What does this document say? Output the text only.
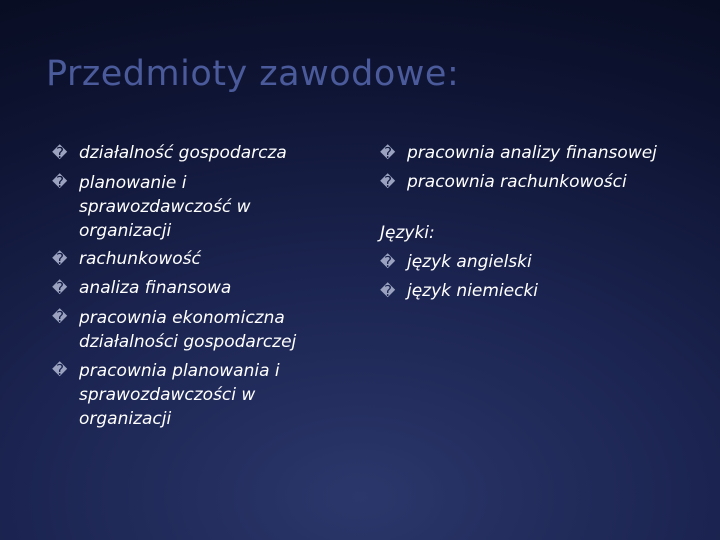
Przedmioty zawodowe:
� działalność gospodarcza
� planowanie i sprawozdawczość w organizacji
� rachunkowość
� analiza finansowa
� pracownia ekonomiczna działalności gospodarczej
� pracownia planowania i sprawozdawczości w organizacji
� pracownia analizy finansowej
� pracownia rachunkowości
Języki:
� język angielski
� język niemiecki
